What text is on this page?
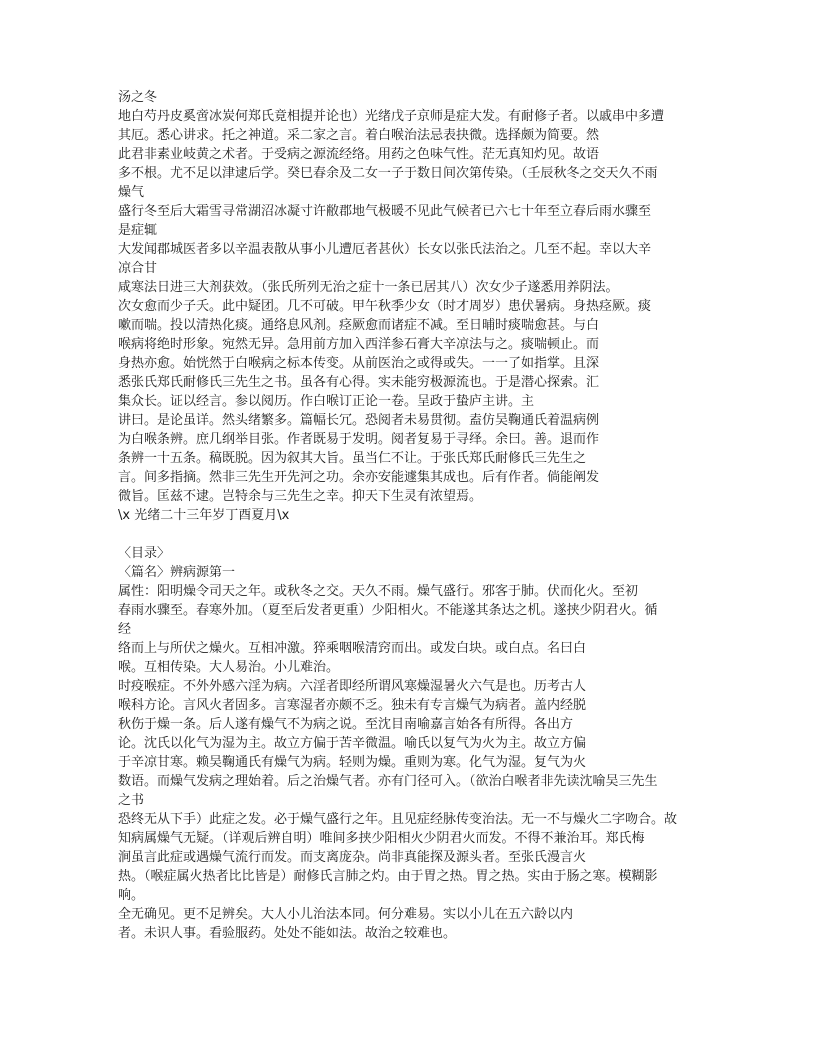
汤之冬
地白芍丹皮奚啻冰炭何郑氏竟相提并论也）光绪戊子京师是症大发。有耐修子者。以戚串中多遭
其厄。悉心讲求。托之神道。采二家之言。着白喉治法忌表抉微。选择颇为简要。然
此君非素业岐黄之术者。于受病之源流经络。用药之色味气性。茫无真知灼见。故语
多不根。尤不足以津逮后学。癸巳春余及二女一子于数日间次第传染。（壬辰秋冬之交天久不雨
燥气
盛行冬至后大霜雪寻常湖沼冰凝寸许敝郡地气极暖不见此气候者已六七十年至立春后雨水骤至
是症辄
大发闻郡城医者多以辛温表散从事小儿遭厄者甚伙）长女以张氏法治之。几至不起。幸以大辛
凉合甘
咸寒法日进三大剂获效。（张氏所列无治之症十一条已居其八）次女少子遂悉用养阴法。
次女愈而少子夭。此中疑团。几不可破。甲午秋季少女（时才周岁）患伏暑病。身热痉厥。痰
嗽而喘。投以清热化痰。通络息风剂。痉厥愈而诸症不减。至日晡时痰喘愈甚。与白
喉病将绝时形象。宛然无异。急用前方加入西洋参石膏大辛凉法与之。痰喘顿止。而
身热亦愈。始恍然于白喉病之标本传变。从前医治之或得或失。一一了如指掌。且深
悉张氏郑氏耐修氏三先生之书。虽各有心得。实未能穷极源流也。于是潜心探索。汇
集众长。证以经言。参以阅历。作白喉订正论一卷。呈政于蛰庐主讲。主
讲曰。是论虽详。然头绪繁多。篇幅长冗。恐阅者未易贯彻。盍仿吴鞠通氏着温病例
为白喉条辨。庶几纲举目张。作者既易于发明。阅者复易于寻绎。余曰。善。退而作
条辨一十五条。稿既脱。因为叙其大旨。虽当仁不让。于张氏郑氏耐修氏三先生之
言。间多指摘。然非三先生开先河之功。余亦安能遽集其成也。后有作者。倘能阐发
微旨。匡兹不逮。岂特余与三先生之幸。抑天下生灵有浓望焉。
\x 光绪二十三年岁丁酉夏月\x
〈目录〉
〈篇名〉辨病源第一
属性：阳明燥令司天之年。或秋冬之交。天久不雨。燥气盛行。邪客于肺。伏而化火。至初
春雨水骤至。春寒外加。（夏至后发者更重）少阳相火。不能遂其条达之机。遂挟少阴君火。循
经
络而上与所伏之燥火。互相冲激。猝乘咽喉清窍而出。或发白块。或白点。名曰白
喉。互相传染。大人易治。小儿难治。
时疫喉症。不外外感六淫为病。六淫者即经所谓风寒燥湿暑火六气是也。历考古人
喉科方论。言风火者固多。言寒湿者亦颇不乏。独未有专言燥气为病者。盖内经脱
秋伤于燥一条。后人遂有燥气不为病之说。至沈目南喻嘉言始各有所得。各出方
论。沈氏以化气为湿为主。故立方偏于苦辛微温。喻氏以复气为火为主。故立方偏
于辛凉甘寒。赖吴鞠通氏有燥气为病。轻则为燥。重则为寒。化气为湿。复气为火
数语。而燥气发病之理始着。后之治燥气者。亦有门径可入。（欲治白喉者非先读沈喻吴三先生
之书
恐终无从下手）此症之发。必于燥气盛行之年。且见症经脉传变治法。无一不与燥火二字吻合。故
知病属燥气无疑。（详观后辨自明）唯间多挟少阳相火少阴君火而发。不得不兼治耳。郑氏梅
涧虽言此症或遇燥气流行而发。而支离庞杂。尚非真能探及源头者。至张氏漫言火
热。（喉症属火热者比比皆是）耐修氏言肺之灼。由于胃之热。胃之热。实由于肠之寒。模糊影
响。
全无确见。更不足辨矣。大人小儿治法本同。何分难易。实以小儿在五六龄以内
者。未识人事。看验服药。处处不能如法。故治之较难也。
